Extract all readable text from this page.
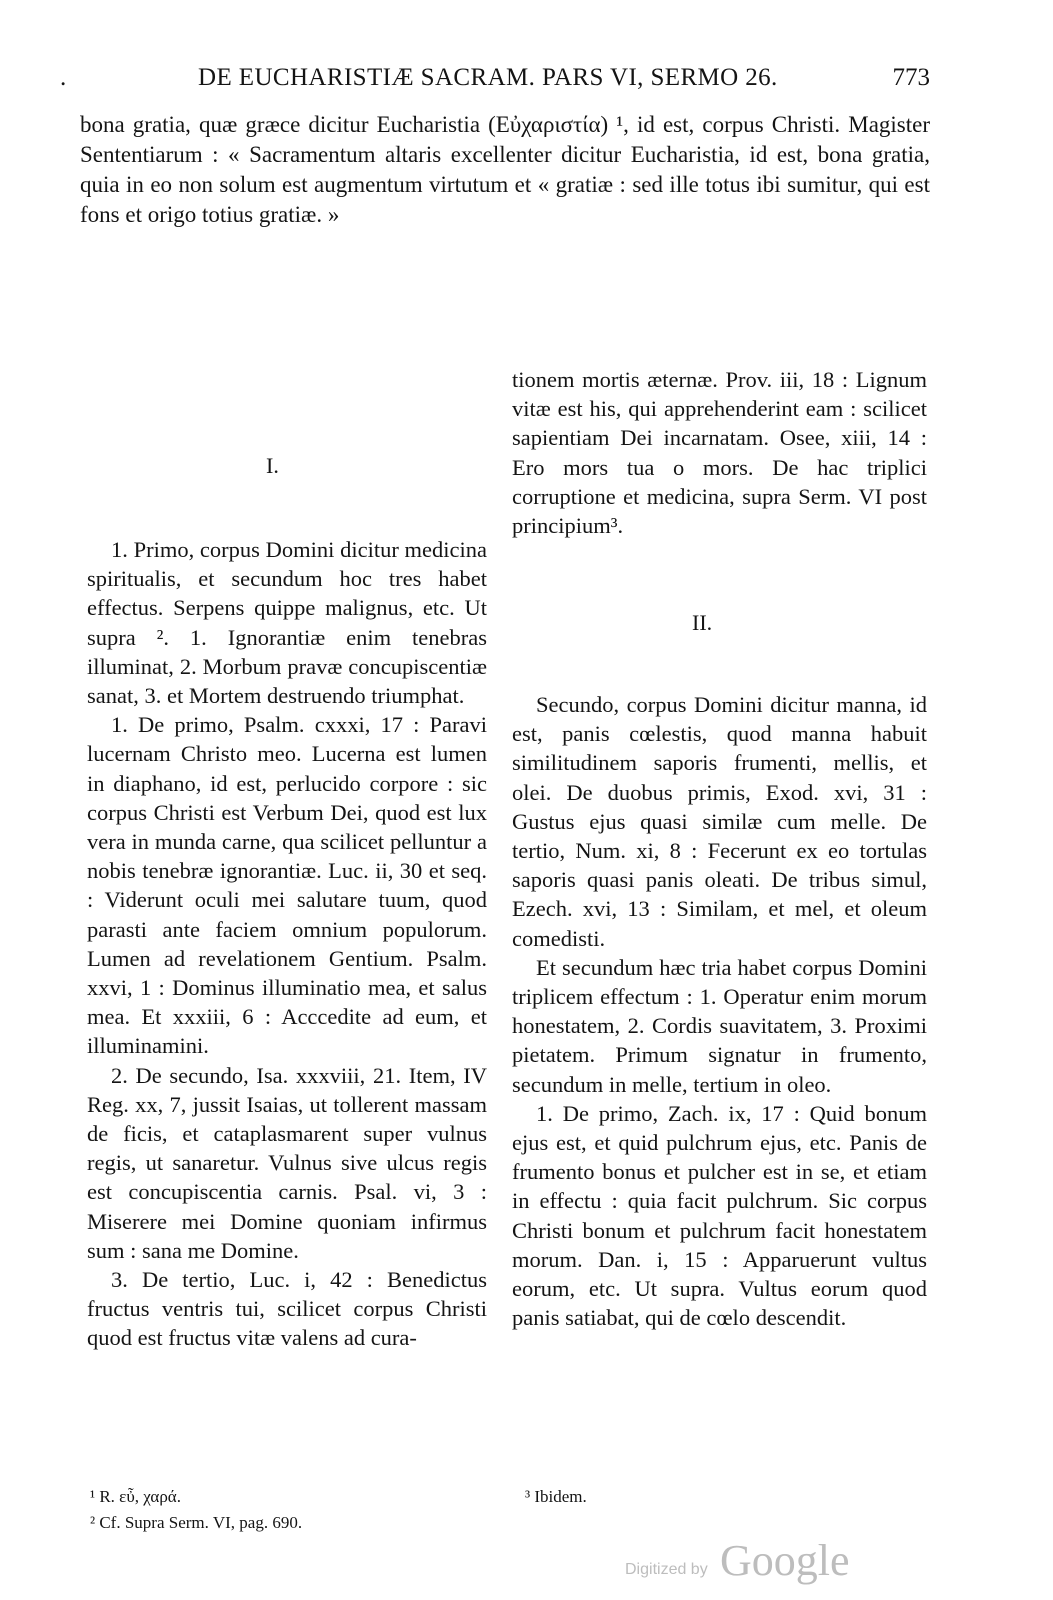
.	DE EUCHARISTIÆ SACRAM. PARS VI, SERMO 26.	773

bona gratia, quæ græce dicitur Eucharistia (Εὐχαριστία) ¹, id est, corpus Christi. Magister Sententiarum : « Sacramentum altaris excellenter dicitur Eucharistia, id est, bona gratia, quia in eo non solum est augmentum virtutum et « gratiæ : sed ille totus ibi sumitur, qui est fons et origo totius gratiæ. »

I.

1. Primo, corpus Domini dicitur medicina spiritualis, et secundum hoc tres habet effectus. Serpens quippe malignus, etc. Ut supra ². 1. Ignorantiæ enim tenebras illuminat, 2. Morbum pravæ concupiscentiæ sanat, 3. et Mortem destruendo triumphat.

1. De primo, Psalm. cxxxi, 17 : Paravi lucernam Christo meo. Lucerna est lumen in diaphano, id est, perlucido corpore : sic corpus Christi est Verbum Dei, quod est lux vera in munda carne, qua scilicet pelluntur a nobis tenebræ ignorantiæ. Luc. ii, 30 et seq. : Viderunt oculi mei salutare tuum, quod parasti ante faciem omnium populorum. Lumen ad revelationem Gentium. Psalm. xxvi, 1 : Dominus illuminatio mea, et salus mea. Et xxxiii, 6 : Acccedite ad eum, et illuminamini.

2. De secundo, Isa. xxxviii, 21. Item, IV Reg. xx, 7, jussit Isaias, ut tollerent massam de ficis, et cataplasmarent super vulnus regis, ut sanaretur. Vulnus sive ulcus regis est concupiscentia carnis. Psal. vi, 3 : Miserere mei Domine quoniam infirmus sum : sana me Domine.

3. De tertio, Luc. i, 42 : Benedictus fructus ventris tui, scilicet corpus Christi quod est fructus vitæ valens ad cura-

tionem mortis æternæ. Prov. iii, 18 : Lignum vitæ est his, qui apprehenderint eam : scilicet sapientiam Dei incarnatam. Osee, xiii, 14 : Ero mors tua o mors. De hac triplici corruptione et medicina, supra Serm. VI post principium³.

II.

Secundo, corpus Domini dicitur manna, id est, panis cœlestis, quod manna habuit similitudinem saporis frumenti, mellis, et olei. De duobus primis, Exod. xvi, 31 : Gustus ejus quasi similæ cum melle. De tertio, Num. xi, 8 : Fecerunt ex eo tortulas saporis quasi panis oleati. De tribus simul, Ezech. xvi, 13 : Similam, et mel, et oleum comedisti.

Et secundum hæc tria habet corpus Domini triplicem effectum : 1. Operatur enim morum honestatem, 2. Cordis suavitatem, 3. Proximi pietatem. Primum signatur in frumento, secundum in melle, tertium in oleo.

1. De primo, Zach. ix, 17 : Quid bonum ejus est, et quid pulchrum ejus, etc. Panis de frumento bonus et pulcher est in se, et etiam in effectu : quia facit pulchrum. Sic corpus Christi bonum et pulchrum facit honestatem morum. Dan. i, 15 : Apparuerunt vultus eorum, etc. Ut supra. Vultus eorum quod panis satiabat, qui de cœlo descendit.

¹ R. εὖ, χαρά.

² Cf. Supra Serm. VI, pag. 690.

³ Ibidem.

Digitized by Google
